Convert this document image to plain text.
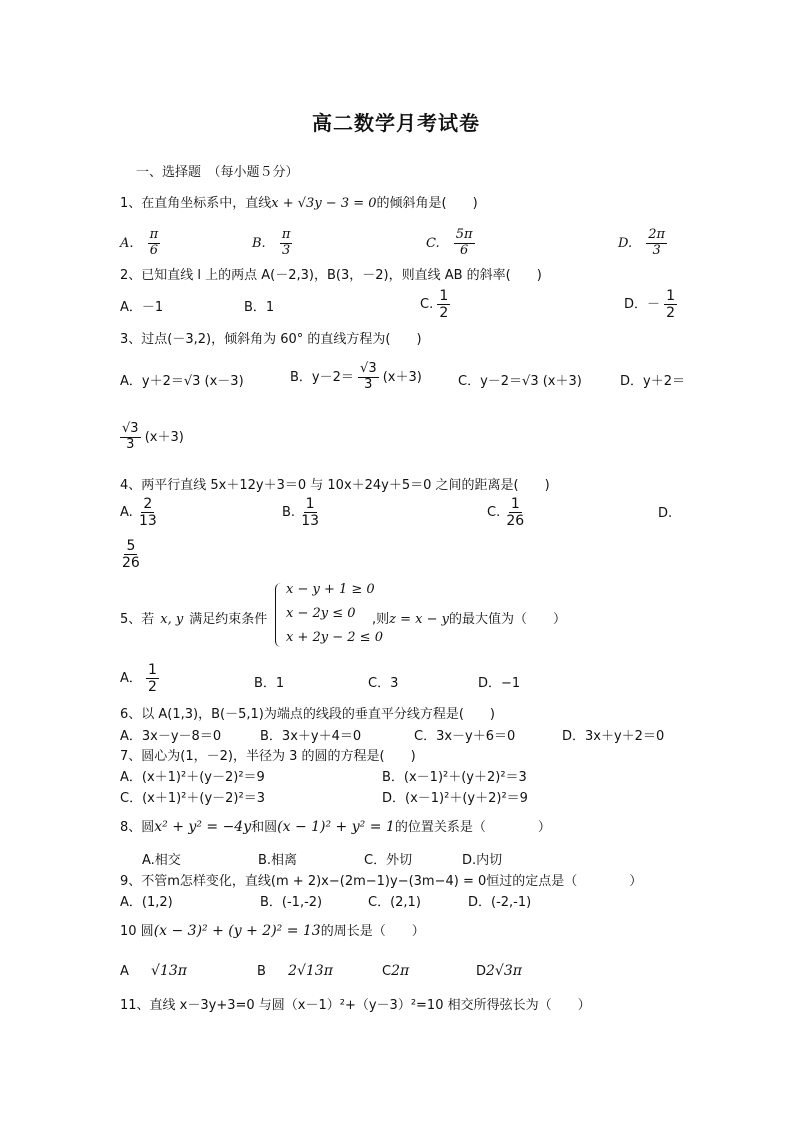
高二数学月考试卷
一、选择题　（每小题５分）
1、在直角坐标系中，直线x + √3y − 3 = 0的倾斜角是(　　)
A. $\frac{\pi}{6}$	B. $\frac{\pi}{3}$	C. $\frac{5\pi}{6}$	D. $\frac{2\pi}{3}$
2、已知直线 l 上的两点 A(－2,3)，B(3，－2)，则直线 AB 的斜率(　　)
A．－1	B．1	C. $\frac{1}{2}$	D．－ $\frac{1}{2}$
3、过点(－3,2)，倾斜角为 60° 的直线方程为(　　)
A．y＋2＝√3 (x－3)	B．$y-2= \frac{√3}{3} (x+3)$	C．y－2＝√3 (x＋3)	D．y＋2＝
$\frac{√3}{3} (x+3)$
4、两平行直线 5x＋12y＋3＝0 与 10x＋24y＋5＝0 之间的距离是(　　)
A. $\frac{2}{13}$	B. $\frac{1}{13}$	C. $\frac{1}{26}$	D.
$\frac{5}{26}$
5、若 x, y 满足约束条件
x − y + 1 ≥ 0
x − 2y ≤ 0
x + 2y − 2 ≤ 0
,则z = x − y的最大值为（　　）
A． $\frac{1}{2}$	B．1	C．3	D．−1
6、以 A(1,3)，B(－5,1)为端点的线段的垂直平分线方程是(　　)
A．3x－y－8＝0	B．3x＋y＋4＝0	C．3x－y＋6＝0	D．3x＋y＋2＝0
7、圆心为(1，－2)，半径为 3 的圆的方程是(　　)
A．(x＋1)²＋(y－2)²＝9	B．(x－1)²＋(y＋2)²＝3
C．(x＋1)²＋(y－2)²＝3	D．(x－1)²＋(y＋2)²＝9
8、圆x² + y² = −4y和圆(x − 1)² + y² = 1的位置关系是（　　　　）
A.相交	B.相离	C．外切	D.内切
9、不管m怎样变化，直线(m + 2)x−(2m−1)y−(3m−4) = 0恒过的定点是（　　　　）
A．(1,2)	B．(-1,-2)	C．(2,1)	D．(-2,-1)
10 圆(x − 3)² + (y + 2)² = 13的周长是（　　）
A √13π	B 2√13π	C2π	D2√3π
11、直线 x－3y+3=0 与圆（x－1）²+（y－3）²=10 相交所得弦长为（　　）
